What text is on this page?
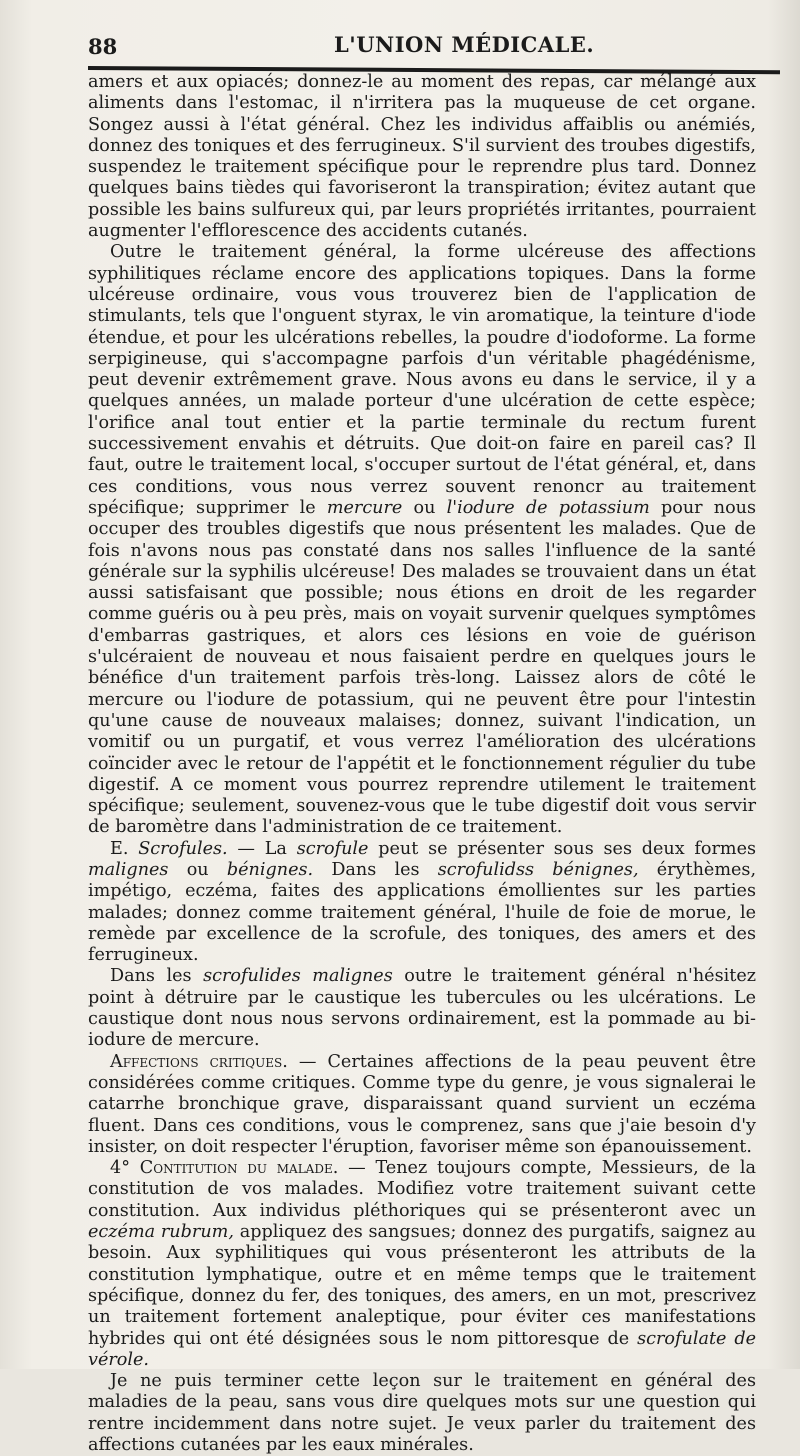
88	L'UNION MÉDICALE.

amers et aux opiacés; donnez-le au moment des repas, car mélangé aux aliments dans l'estomac, il n'irritera pas la muqueuse de cet organe. Songez aussi à l'état général. Chez les individus affaiblis ou anémiés, donnez des toniques et des ferrugineux. S'il survient des troubes digestifs, suspendez le traitement spécifique pour le reprendre plus tard. Donnez quelques bains tièdes qui favoriseront la transpiration; évitez autant que possible les bains sulfureux qui, par leurs propriétés irritantes, pourraient augmenter l'efflorescence des accidents cutanés.

Outre le traitement général, la forme ulcéreuse des affections syphilitiques réclame encore des applications topiques. Dans la forme ulcéreuse ordinaire, vous vous trouverez bien de l'application de stimulants, tels que l'onguent styrax, le vin aromatique, la teinture d'iode étendue, et pour les ulcérations rebelles, la poudre d'iodoforme. La forme serpigineuse, qui s'accompagne parfois d'un véritable phagédénisme, peut devenir extrêmement grave. Nous avons eu dans le service, il y a quelques années, un malade porteur d'une ulcération de cette espèce; l'orifice anal tout entier et la partie terminale du rectum furent successivement envahis et détruits. Que doit-on faire en pareil cas? Il faut, outre le traitement local, s'occuper surtout de l'état général, et, dans ces conditions, vous nous verrez souvent renoncr au traitement spécifique; supprimer le mercure ou l'iodure de potassium pour nous occuper des troubles digestifs que nous présentent les malades. Que de fois n'avons nous pas constaté dans nos salles l'influence de la santé générale sur la syphilis ulcéreuse! Des malades se trouvaient dans un état aussi satisfaisant que possible; nous étions en droit de les regarder comme guéris ou à peu près, mais on voyait survenir quelques symptômes d'embarras gastriques, et alors ces lésions en voie de guérison s'ulcéraient de nouveau et nous faisaient perdre en quelques jours le bénéfice d'un traitement parfois très-long. Laissez alors de côté le mercure ou l'iodure de potassium, qui ne peuvent être pour l'intestin qu'une cause de nouveaux malaises; donnez, suivant l'indication, un vomitif ou un purgatif, et vous verrez l'amélioration des ulcérations coïncider avec le retour de l'appétit et le fonctionnement régulier du tube digestif. A ce moment vous pourrez reprendre utilement le traitement spécifique; seulement, souvenez-vous que le tube digestif doit vous servir de baromètre dans l'administration de ce traitement.

E. Scrofules. — La scrofule peut se présenter sous ses deux formes malignes ou bénignes. Dans les scrofulidss bénignes, érythèmes, impétigo, eczéma, faites des applications émollientes sur les parties malades; donnez comme traitement général, l'huile de foie de morue, le remède par excellence de la scrofule, des toniques, des amers et des ferrugineux.

Dans les scrofulides malignes outre le traitement général n'hésitez point à détruire par le caustique les tubercules ou les ulcérations. Le caustique dont nous nous servons ordinairement, est la pommade au bi-iodure de mercure.

Affections critiques. — Certaines affections de la peau peuvent être considérées comme critiques. Comme type du genre, je vous signalerai le catarrhe bronchique grave, disparaissant quand survient un eczéma fluent. Dans ces conditions, vous le comprenez, sans que j'aie besoin d'y insister, on doit respecter l'éruption, favoriser même son épanouissement.

4° Contitution du malade. — Tenez toujours compte, Messieurs, de la constitution de vos malades. Modifiez votre traitement suivant cette constitution. Aux individus pléthoriques qui se présenteront avec un eczéma rubrum, appliquez des sangsues; donnez des purgatifs, saignez au besoin. Aux syphilitiques qui vous présenteront les attributs de la constitution lymphatique, outre et en même temps que le traitement spécifique, donnez du fer, des toniques, des amers, en un mot, prescrivez un traitement fortement analeptique, pour éviter ces manifestations hybrides qui ont été désignées sous le nom pittoresque de scrofulate de vérole.

Je ne puis terminer cette leçon sur le traitement en général des maladies de la peau, sans vous dire quelques mots sur une question qui rentre incidemment dans notre sujet. Je veux parler du traitement des affections cutanées par les eaux minérales.
